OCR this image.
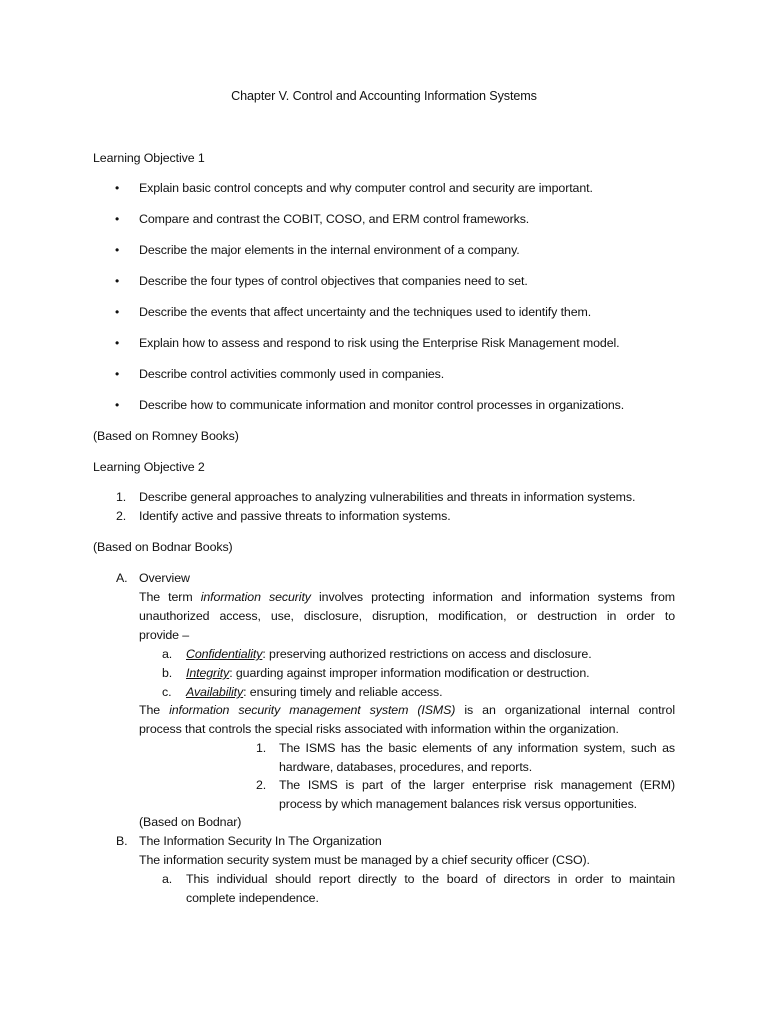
Chapter V. Control and Accounting Information Systems
Learning Objective 1
• Explain basic control concepts and why computer control and security are important.
• Compare and contrast the COBIT, COSO, and ERM control frameworks.
• Describe the major elements in the internal environment of a company.
• Describe the four types of control objectives that companies need to set.
• Describe the events that affect uncertainty and the techniques used to identify them.
• Explain how to assess and respond to risk using the Enterprise Risk Management model.
• Describe control activities commonly used in companies.
• Describe how to communicate information and monitor control processes in organizations.
(Based on Romney Books)
Learning Objective 2
1. Describe general approaches to analyzing vulnerabilities and threats in information systems.
2. Identify active and passive threats to information systems.
(Based on Bodnar Books)
A. Overview
The term information security involves protecting information and information systems from
unauthorized access, use, disclosure, disruption, modification, or destruction in order to
provide –
a. Confidentiality: preserving authorized restrictions on access and disclosure.
b. Integrity: guarding against improper information modification or destruction.
c. Availability: ensuring timely and reliable access.
The information security management system (ISMS) is an organizational internal control
process that controls the special risks associated with information within the organization.
1. The ISMS has the basic elements of any information system, such as
hardware, databases, procedures, and reports.
2. The ISMS is part of the larger enterprise risk management (ERM)
process by which management balances risk versus opportunities.
(Based on Bodnar)
B. The Information Security In The Organization
The information security system must be managed by a chief security officer (CSO).
a. This individual should report directly to the board of directors in order to maintain
complete independence.
